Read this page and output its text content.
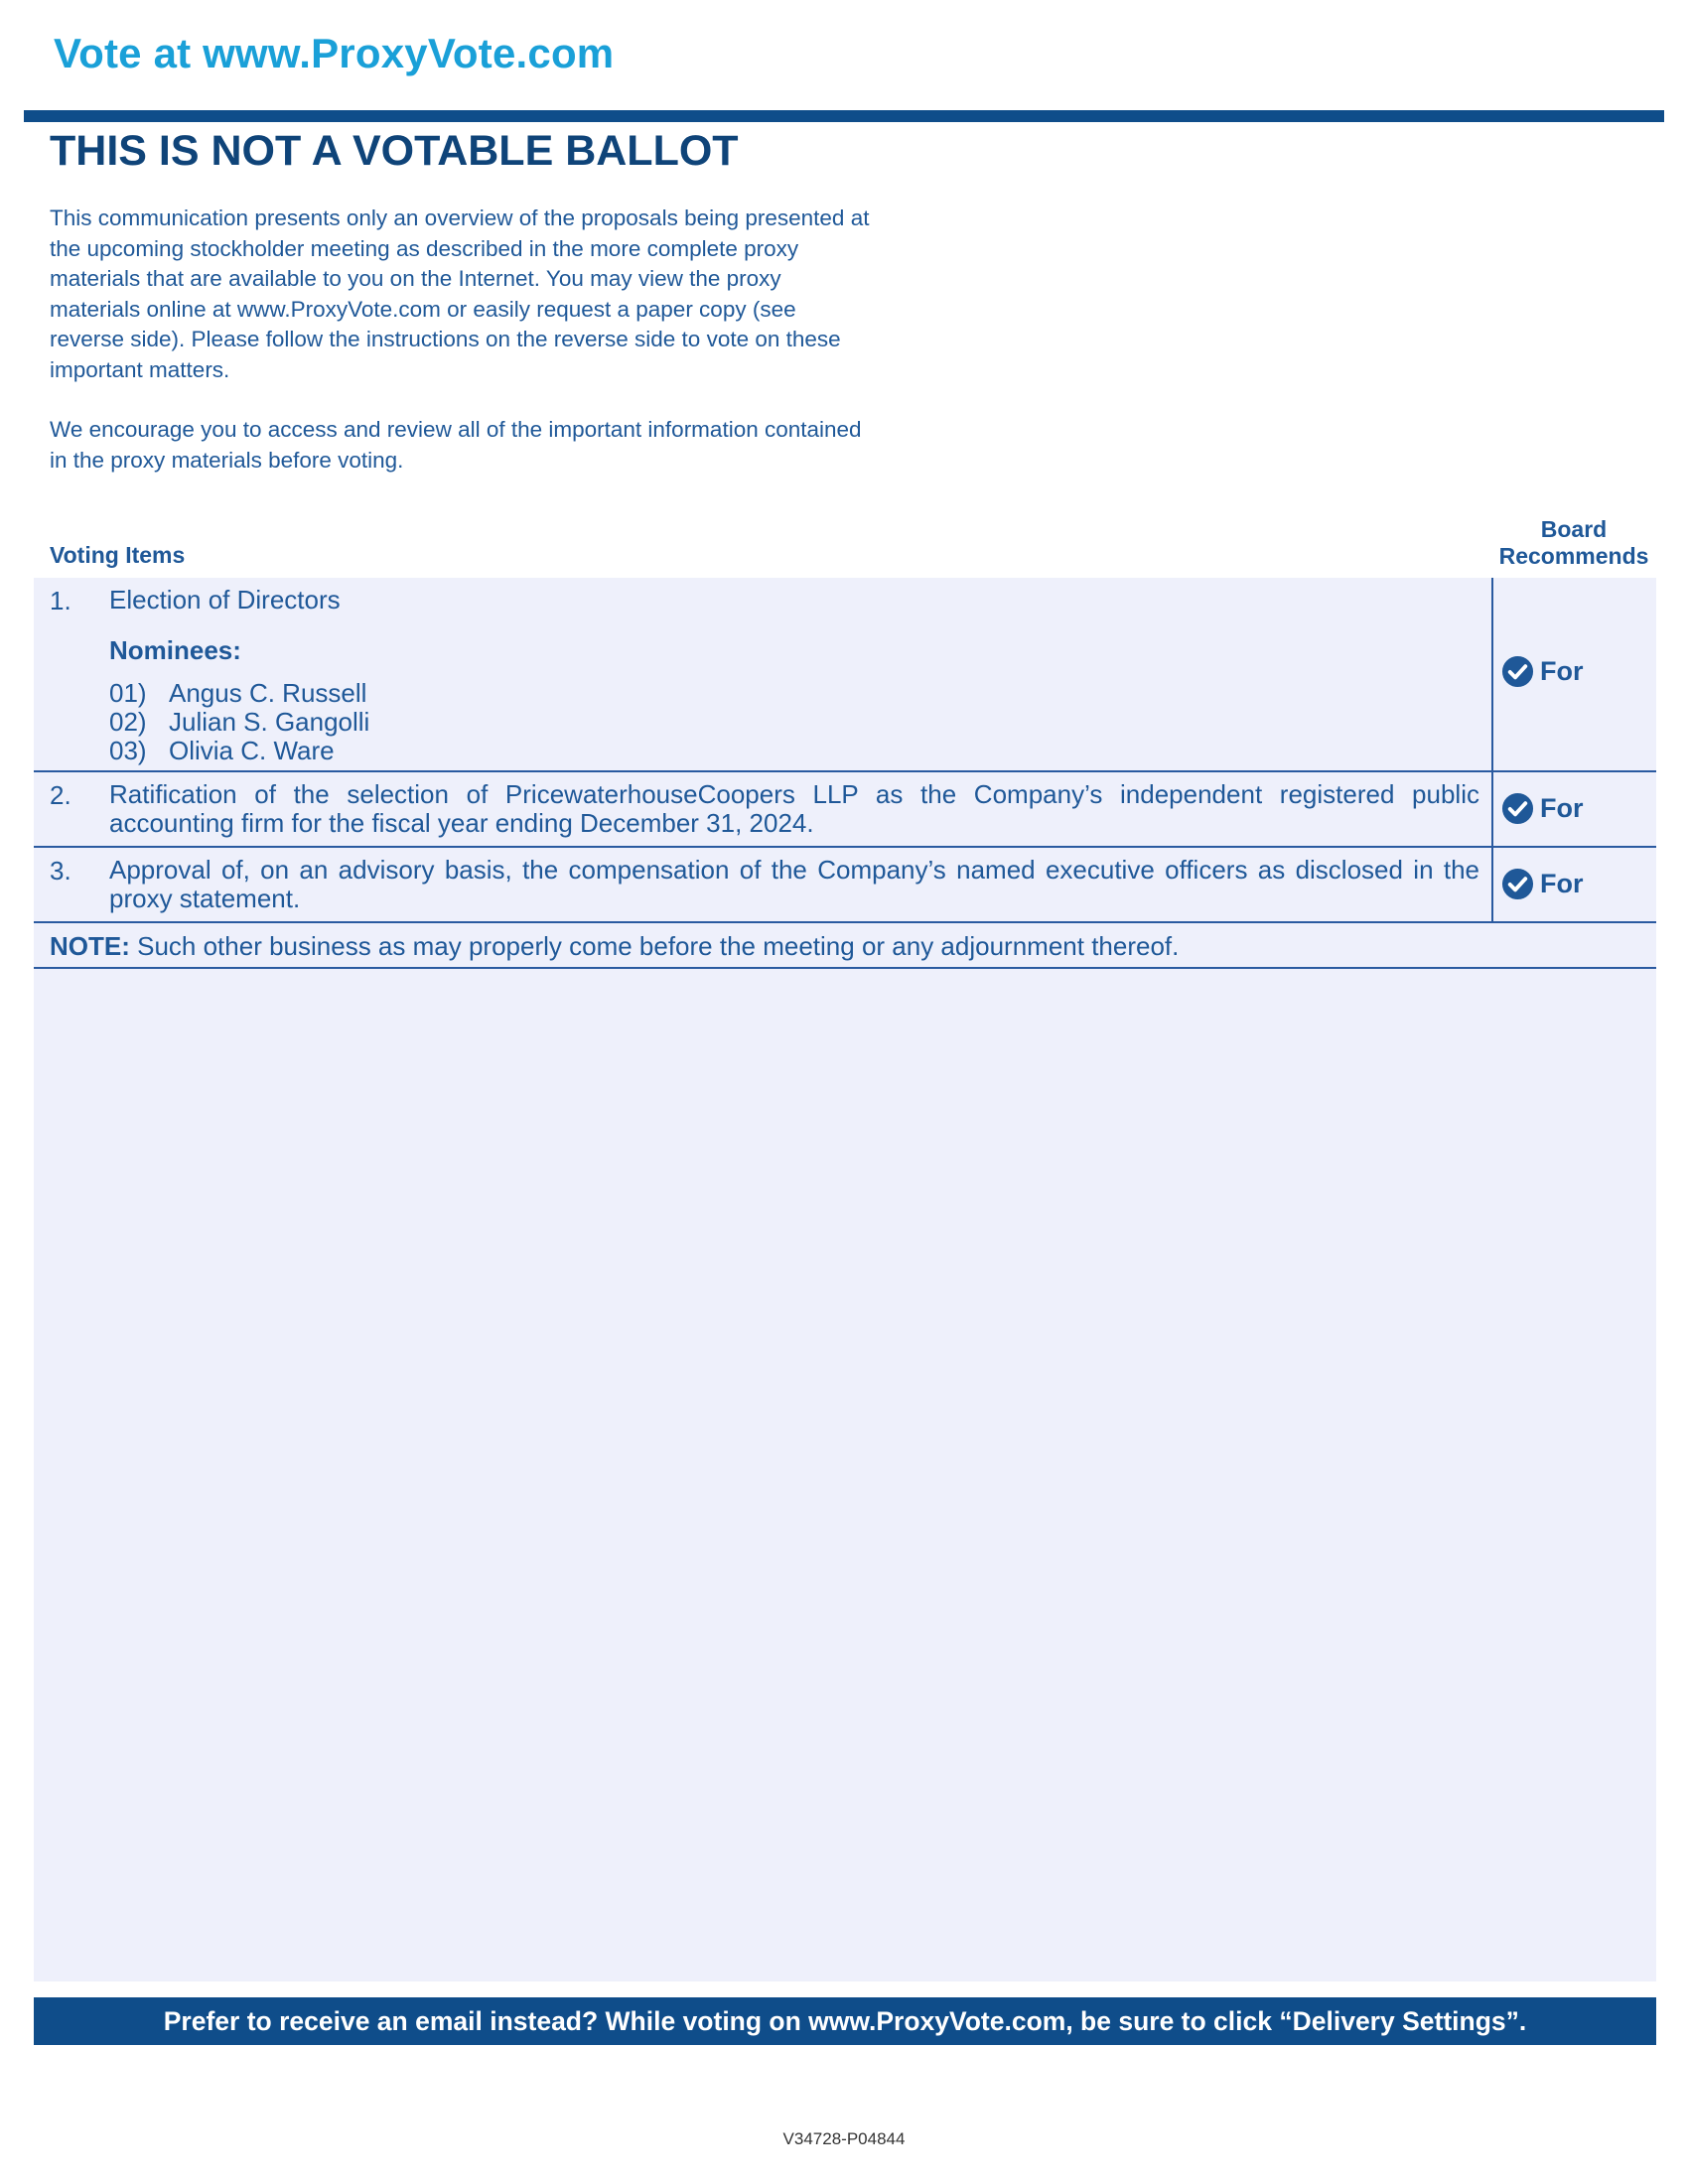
Vote at www.ProxyVote.com
THIS IS NOT A VOTABLE BALLOT

This communication presents only an overview of the proposals being presented at the upcoming stockholder meeting as described in the more complete proxy materials that are available to you on the Internet. You may view the proxy materials online at www.ProxyVote.com or easily request a paper copy (see reverse side). Please follow the instructions on the reverse side to vote on these important matters.

We encourage you to access and review all of the important information contained in the proxy materials before voting.

Voting Items
Board
Recommends
1. Election of Directors
Nominees:
01) Angus C. Russell
02) Julian S. Gangolli
03) Olivia C. Ware
For
2. Ratification of the selection of PricewaterhouseCoopers LLP as the Company’s independent registered public accounting firm for the fiscal year ending December 31, 2024.	For
3. Approval of, on an advisory basis, the compensation of the Company’s named executive officers as disclosed in the proxy statement.	For
NOTE: Such other business as may properly come before the meeting or any adjournment thereof.
Prefer to receive an email instead? While voting on www.ProxyVote.com, be sure to click “Delivery Settings”.
V34728-P04844
